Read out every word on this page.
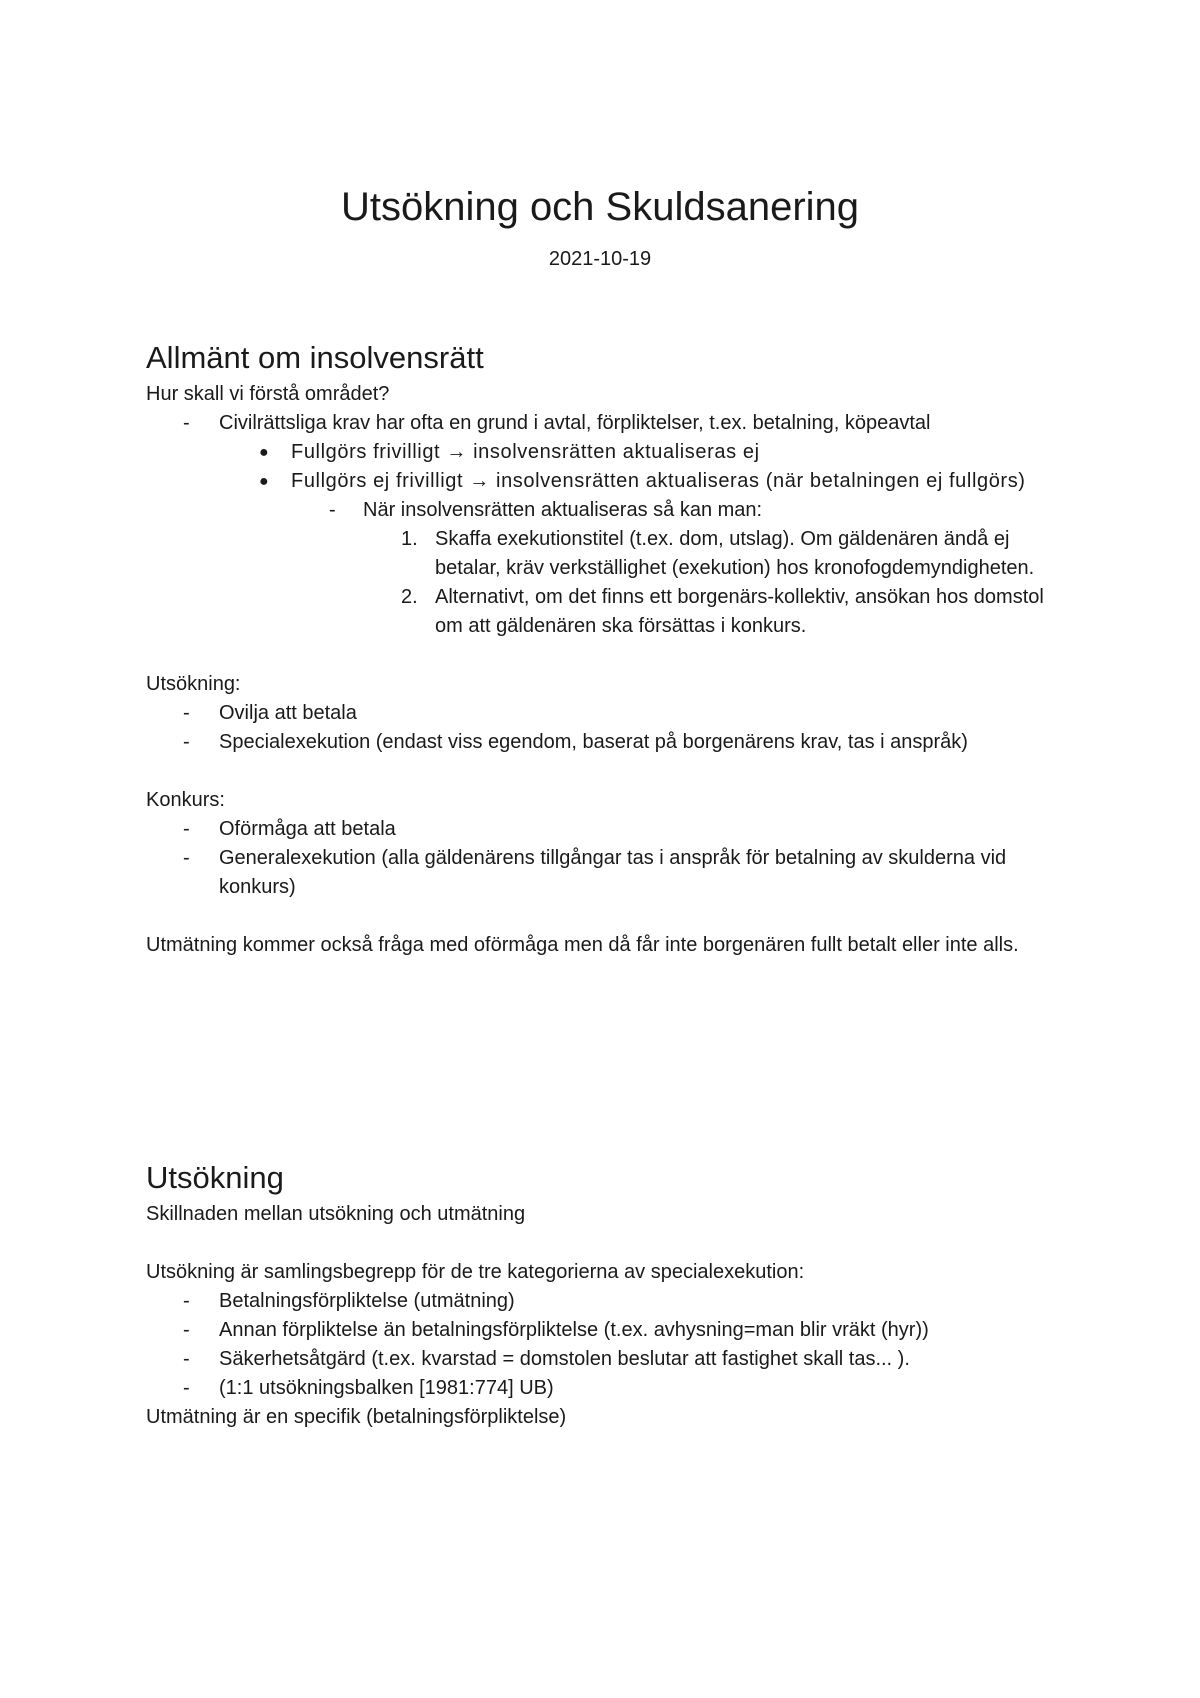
Utsökning och Skuldsanering
2021-10-19
Allmänt om insolvensrätt

Hur skall vi förstå området?

- Civilrättsliga krav har ofta en grund i avtal, förpliktelser, t.ex. betalning, köpeavtal
● Fullgörs frivilligt → insolvensrätten aktualiseras ej
● Fullgörs ej frivilligt → insolvensrätten aktualiseras (när betalningen ej fullgörs)
- När insolvensrätten aktualiseras så kan man:
1. Skaffa exekutionstitel (t.ex. dom, utslag). Om gäldenären ändå ej betalar, kräv verkställighet (exekution) hos kronofogdemyndigheten.
2. Alternativt, om det finns ett borgenärs-kollektiv, ansökan hos domstol om att gäldenären ska försättas i konkurs.

Utsökning:

- Ovilja att betala
- Specialexekution (endast viss egendom, baserat på borgenärens krav, tas i anspråk)

Konkurs:

- Oförmåga att betala
- Generalexekution (alla gäldenärens tillgångar tas i anspråk för betalning av skulderna vid konkurs)

Utmätning kommer också fråga med oförmåga men då får inte borgenären fullt betalt eller inte alls.

Utsökning

Skillnaden mellan utsökning och utmätning

Utsökning är samlingsbegrepp för de tre kategorierna av specialexekution:

- Betalningsförpliktelse (utmätning)
- Annan förpliktelse än betalningsförpliktelse (t.ex. avhysning=man blir vräkt (hyr))
- Säkerhetsåtgärd (t.ex. kvarstad = domstolen beslutar att fastighet skall tas... ).
- (1:1 utsökningsbalken [1981:774] UB)

Utmätning är en specifik (betalningsförpliktelse)
